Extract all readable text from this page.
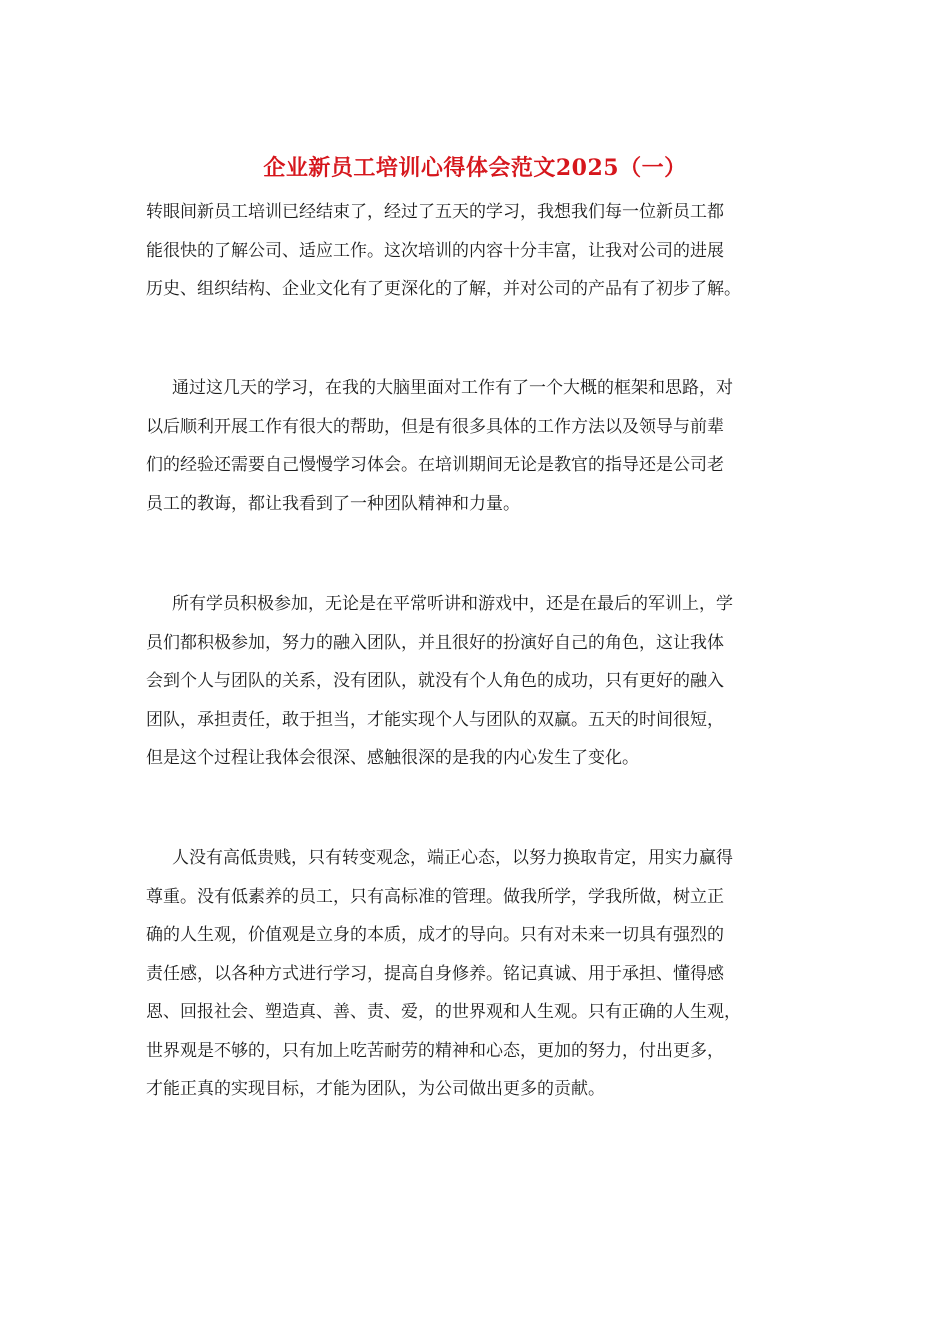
企业新员工培训心得体会范文2025（一）
转眼间新员工培训已经结束了，经过了五天的学习，我想我们每一位新员工都
能很快的了解公司、适应工作。这次培训的内容十分丰富，让我对公司的进展
历史、组织结构、企业文化有了更深化的了解，并对公司的产品有了初步了解。
通过这几天的学习，在我的大脑里面对工作有了一个大概的框架和思路，对
以后顺利开展工作有很大的帮助，但是有很多具体的工作方法以及领导与前辈
们的经验还需要自己慢慢学习体会。在培训期间无论是教官的指导还是公司老
员工的教诲，都让我看到了一种团队精神和力量。
所有学员积极参加，无论是在平常听讲和游戏中，还是在最后的军训上，学
员们都积极参加，努力的融入团队，并且很好的扮演好自己的角色，这让我体
会到个人与团队的关系，没有团队，就没有个人角色的成功，只有更好的融入
团队，承担责任，敢于担当，才能实现个人与团队的双赢。五天的时间很短，
但是这个过程让我体会很深、感触很深的是我的内心发生了变化。
人没有高低贵贱，只有转变观念，端正心态，以努力换取肯定，用实力赢得
尊重。没有低素养的员工，只有高标准的管理。做我所学，学我所做，树立正
确的人生观，价值观是立身的本质，成才的导向。只有对未来一切具有强烈的
责任感，以各种方式进行学习，提高自身修养。铭记真诚、用于承担、懂得感
恩、回报社会、塑造真、善、责、爱，的世界观和人生观。只有正确的人生观，
世界观是不够的，只有加上吃苦耐劳的精神和心态，更加的努力，付出更多，
才能正真的实现目标，才能为团队，为公司做出更多的贡献。
